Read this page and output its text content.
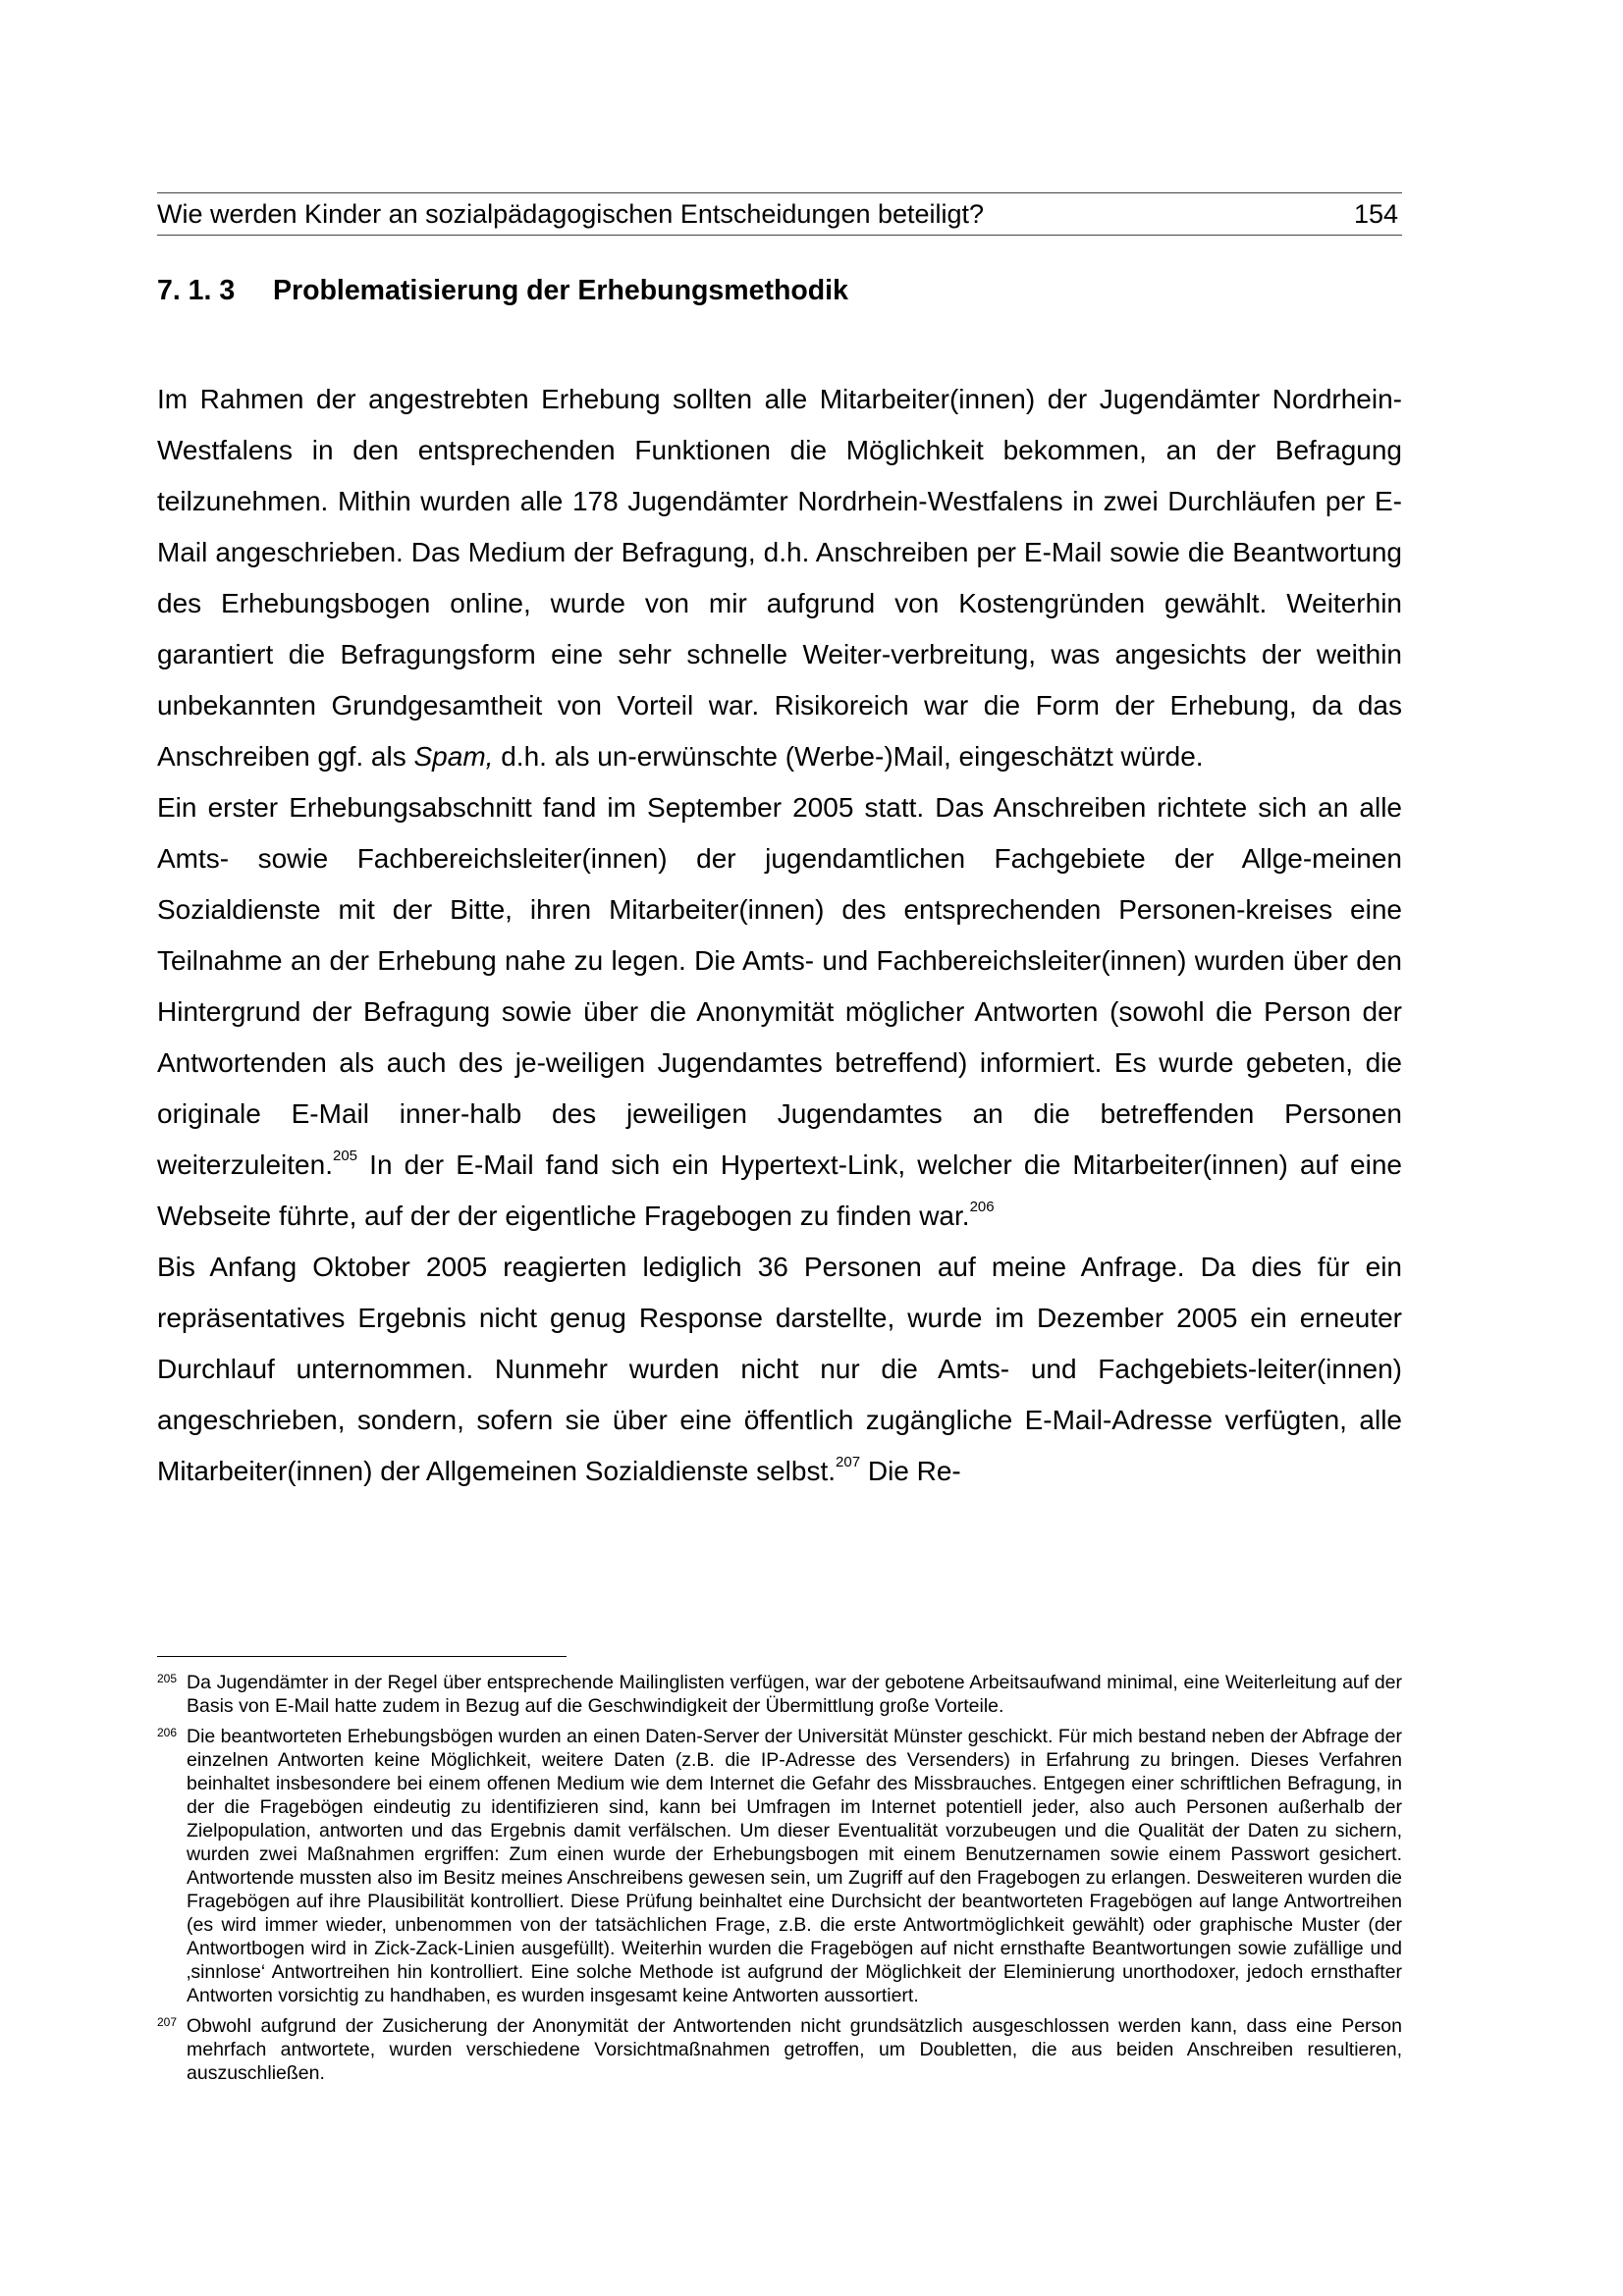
Wie werden Kinder an sozialpädagogischen Entscheidungen beteiligt?	154
7. 1. 3 Problematisierung der Erhebungsmethodik

Im Rahmen der angestrebten Erhebung sollten alle Mitarbeiter(innen) der Jugendämter Nordrhein-Westfalens in den entsprechenden Funktionen die Möglichkeit bekommen, an der Befragung teilzunehmen. Mithin wurden alle 178 Jugendämter Nordrhein-Westfalens in zwei Durchläufen per E-Mail angeschrieben. Das Medium der Befragung, d.h. Anschreiben per E-Mail sowie die Beantwortung des Erhebungsbogen online, wurde von mir aufgrund von Kostengründen gewählt. Weiterhin garantiert die Befragungsform eine sehr schnelle Weiter-verbreitung, was angesichts der weithin unbekannten Grundgesamtheit von Vorteil war. Risikoreich war die Form der Erhebung, da das Anschreiben ggf. als Spam, d.h. als un-erwünschte (Werbe-)Mail, eingeschätzt würde.

Ein erster Erhebungsabschnitt fand im September 2005 statt. Das Anschreiben richtete sich an alle Amts- sowie Fachbereichsleiter(innen) der jugendamtlichen Fachgebiete der Allge-meinen Sozialdienste mit der Bitte, ihren Mitarbeiter(innen) des entsprechenden Personen-kreises eine Teilnahme an der Erhebung nahe zu legen. Die Amts- und Fachbereichsleiter(innen) wurden über den Hintergrund der Befragung sowie über die Anonymität möglicher Antworten (sowohl die Person der Antwortenden als auch des je-weiligen Jugendamtes betreffend) informiert. Es wurde gebeten, die originale E-Mail inner-halb des jeweiligen Jugendamtes an die betreffenden Personen weiterzuleiten.$^{205}$ In der E-Mail fand sich ein Hypertext-Link, welcher die Mitarbeiter(innen) auf eine Webseite führte, auf der der eigentliche Fragebogen zu finden war.$^{206}$

Bis Anfang Oktober 2005 reagierten lediglich 36 Personen auf meine Anfrage. Da dies für ein repräsentatives Ergebnis nicht genug Response darstellte, wurde im Dezember 2005 ein erneuter Durchlauf unternommen. Nunmehr wurden nicht nur die Amts- und Fachgebiets-leiter(innen) angeschrieben, sondern, sofern sie über eine öffentlich zugängliche E-Mail-Adresse verfügten, alle Mitarbeiter(innen) der Allgemeinen Sozialdienste selbst.$^{207}$ Die Re-

205 Da Jugendämter in der Regel über entsprechende Mailinglisten verfügen, war der gebotene Arbeitsaufwand minimal, eine Weiterleitung auf der Basis von E-Mail hatte zudem in Bezug auf die Geschwindigkeit der Übermittlung große Vorteile.
206 Die beantworteten Erhebungsbögen wurden an einen Daten-Server der Universität Münster geschickt. Für mich bestand neben der Abfrage der einzelnen Antworten keine Möglichkeit, weitere Daten (z.B. die IP-Adresse des Versenders) in Erfahrung zu bringen. Dieses Verfahren beinhaltet insbesondere bei einem offenen Medium wie dem Internet die Gefahr des Missbrauches. Entgegen einer schriftlichen Befragung, in der die Fragebögen eindeutig zu identifizieren sind, kann bei Umfragen im Internet potentiell jeder, also auch Personen außerhalb der Zielpopulation, antworten und das Ergebnis damit verfälschen. Um dieser Eventualität vorzubeugen und die Qualität der Daten zu sichern, wurden zwei Maßnahmen ergriffen: Zum einen wurde der Erhebungsbogen mit einem Benutzernamen sowie einem Passwort gesichert. Antwortende mussten also im Besitz meines Anschreibens gewesen sein, um Zugriff auf den Fragebogen zu erlangen. Desweiteren wurden die Fragebögen auf ihre Plausibilität kontrolliert. Diese Prüfung beinhaltet eine Durchsicht der beantworteten Fragebögen auf lange Antwortreihen (es wird immer wieder, unbenommen von der tatsächlichen Frage, z.B. die erste Antwortmöglichkeit gewählt) oder graphische Muster (der Antwortbogen wird in Zick-Zack-Linien ausgefüllt). Weiterhin wurden die Fragebögen auf nicht ernsthafte Beantwortungen sowie zufällige und ‚sinnlose‘ Antwortreihen hin kontrolliert. Eine solche Methode ist aufgrund der Möglichkeit der Eleminierung unorthodoxer, jedoch ernsthafter Antworten vorsichtig zu handhaben, es wurden insgesamt keine Antworten aussortiert.
207 Obwohl aufgrund der Zusicherung der Anonymität der Antwortenden nicht grundsätzlich ausgeschlossen werden kann, dass eine Person mehrfach antwortete, wurden verschiedene Vorsichtmaßnahmen getroffen, um Doubletten, die aus beiden Anschreiben resultieren, auszuschließen.
